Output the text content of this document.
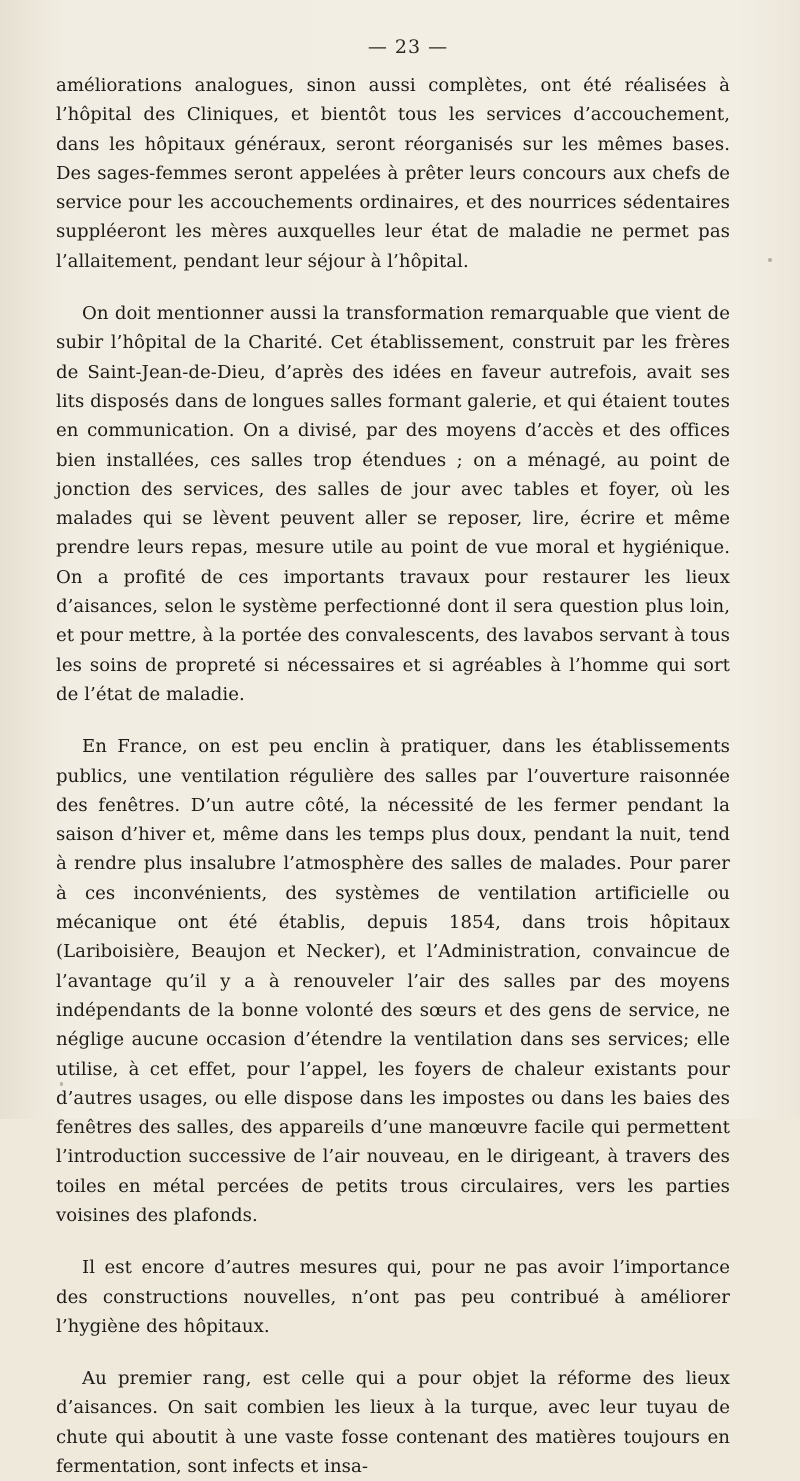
— 23 —

améliorations analogues, sinon aussi complètes, ont été réalisées à l’hôpital des Cliniques, et bientôt tous les services d’accouchement, dans les hôpitaux généraux, seront réorganisés sur les mêmes bases. Des sages-femmes seront appelées à prêter leurs concours aux chefs de service pour les accouchements ordinaires, et des nourrices sédentaires suppléeront les mères auxquelles leur état de maladie ne permet pas l’allaitement, pendant leur séjour à l’hôpital.

On doit mentionner aussi la transformation remarquable que vient de subir l’hôpital de la Charité. Cet établissement, construit par les frères de Saint-Jean-de-Dieu, d’après des idées en faveur autrefois, avait ses lits disposés dans de longues salles formant galerie, et qui étaient toutes en communication. On a divisé, par des moyens d’accès et des offices bien installées, ces salles trop étendues ; on a ménagé, au point de jonction des services, des salles de jour avec tables et foyer, où les malades qui se lèvent peuvent aller se reposer, lire, écrire et même prendre leurs repas, mesure utile au point de vue moral et hygiénique. On a profité de ces importants travaux pour restaurer les lieux d’aisances, selon le système perfectionné dont il sera question plus loin, et pour mettre, à la portée des convalescents, des lavabos servant à tous les soins de propreté si nécessaires et si agréables à l’homme qui sort de l’état de maladie.

En France, on est peu enclin à pratiquer, dans les établissements publics, une ventilation régulière des salles par l’ouverture raisonnée des fenêtres. D’un autre côté, la nécessité de les fermer pendant la saison d’hiver et, même dans les temps plus doux, pendant la nuit, tend à rendre plus insalubre l’atmosphère des salles de malades. Pour parer à ces inconvénients, des systèmes de ventilation artificielle ou mécanique ont été établis, depuis 1854, dans trois hôpitaux (Lariboisière, Beaujon et Necker), et l’Administration, convaincue de l’avantage qu’il y a à renouveler l’air des salles par des moyens indépendants de la bonne volonté des sœurs et des gens de service, ne néglige aucune occasion d’étendre la ventilation dans ses services; elle utilise, à cet effet, pour l’appel, les foyers de chaleur existants pour d’autres usages, ou elle dispose dans les impostes ou dans les baies des fenêtres des salles, des appareils d’une manœuvre facile qui permettent l’introduction successive de l’air nouveau, en le dirigeant, à travers des toiles en métal percées de petits trous circulaires, vers les parties voisines des plafonds.

Il est encore d’autres mesures qui, pour ne pas avoir l’importance des constructions nouvelles, n’ont pas peu contribué à améliorer l’hygiène des hôpitaux.

Au premier rang, est celle qui a pour objet la réforme des lieux d’aisances. On sait combien les lieux à la turque, avec leur tuyau de chute qui aboutit à une vaste fosse contenant des matières toujours en fermentation, sont infects et insa-
